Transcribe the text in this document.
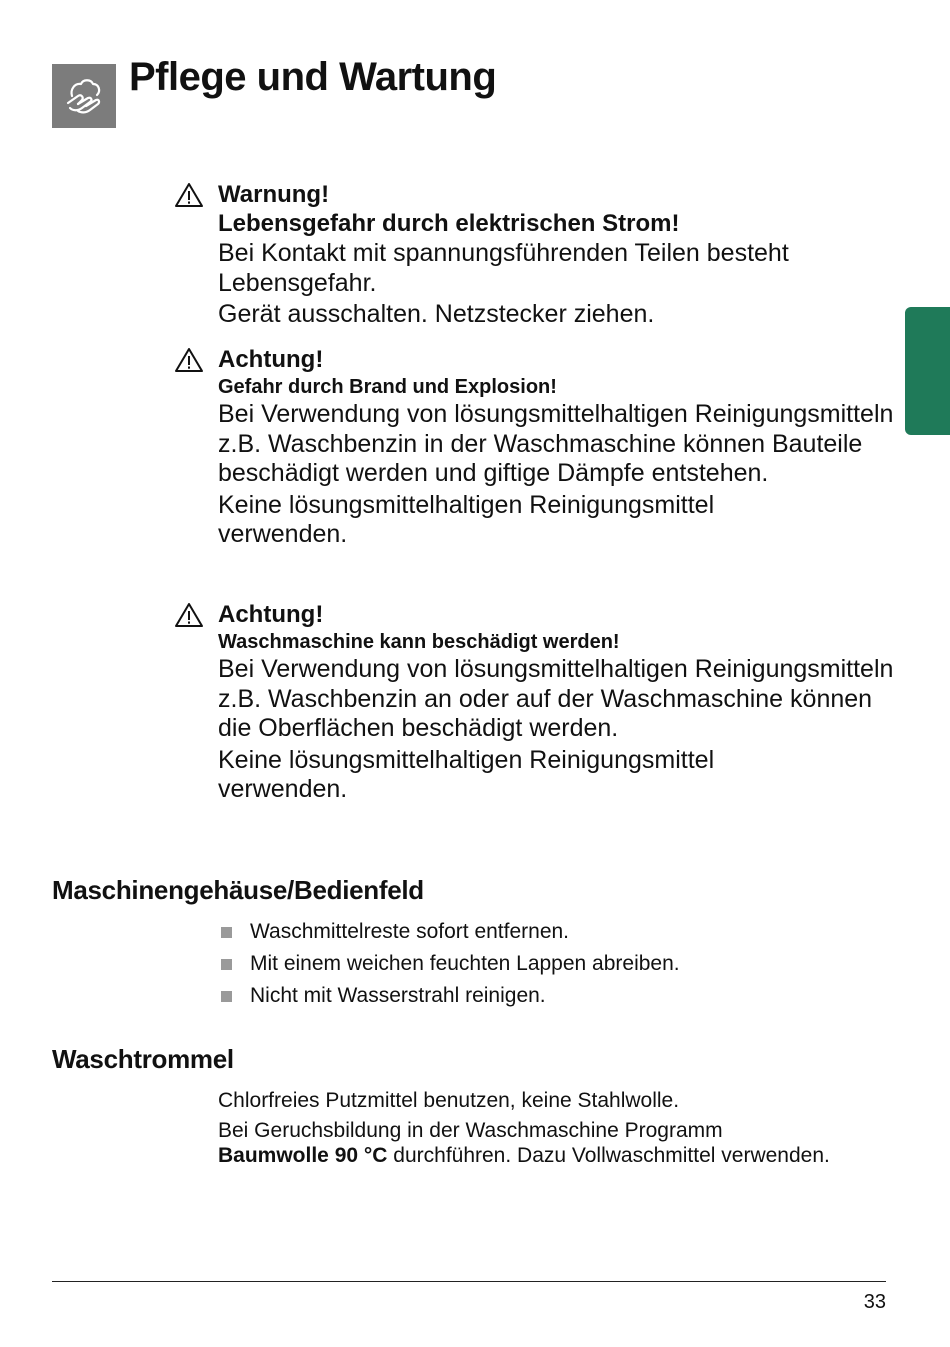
Pflege und Wartung
Warnung!
Lebensgefahr durch elektrischen Strom!

Bei Kontakt mit spannungsführenden Teilen besteht Lebensgefahr.

Gerät ausschalten. Netzstecker ziehen.

Achtung!
Gefahr durch Brand und Explosion!

Bei Verwendung von lösungsmittelhaltigen Reinigungsmitteln z.B. Waschbenzin in der Waschmaschine können Bauteile beschädigt werden und giftige Dämpfe entstehen.

Keine lösungsmittelhaltigen Reinigungsmittel verwenden.

Achtung!
Waschmaschine kann beschädigt werden!

Bei Verwendung von lösungsmittelhaltigen Reinigungsmitteln z.B. Waschbenzin an oder auf der Waschmaschine können die Oberflächen beschädigt werden.

Keine lösungsmittelhaltigen Reinigungsmittel verwenden.

Maschinengehäuse/Bedienfeld
Waschmittelreste sofort entfernen.
Mit einem weichen feuchten Lappen abreiben.
Nicht mit Wasserstrahl reinigen.
Waschtrommel

Chlorfreies Putzmittel benutzen, keine Stahlwolle.

Bei Geruchsbildung in der Waschmaschine Programm
Baumwolle 90 °C durchführen. Dazu Vollwaschmittel verwenden.

33
